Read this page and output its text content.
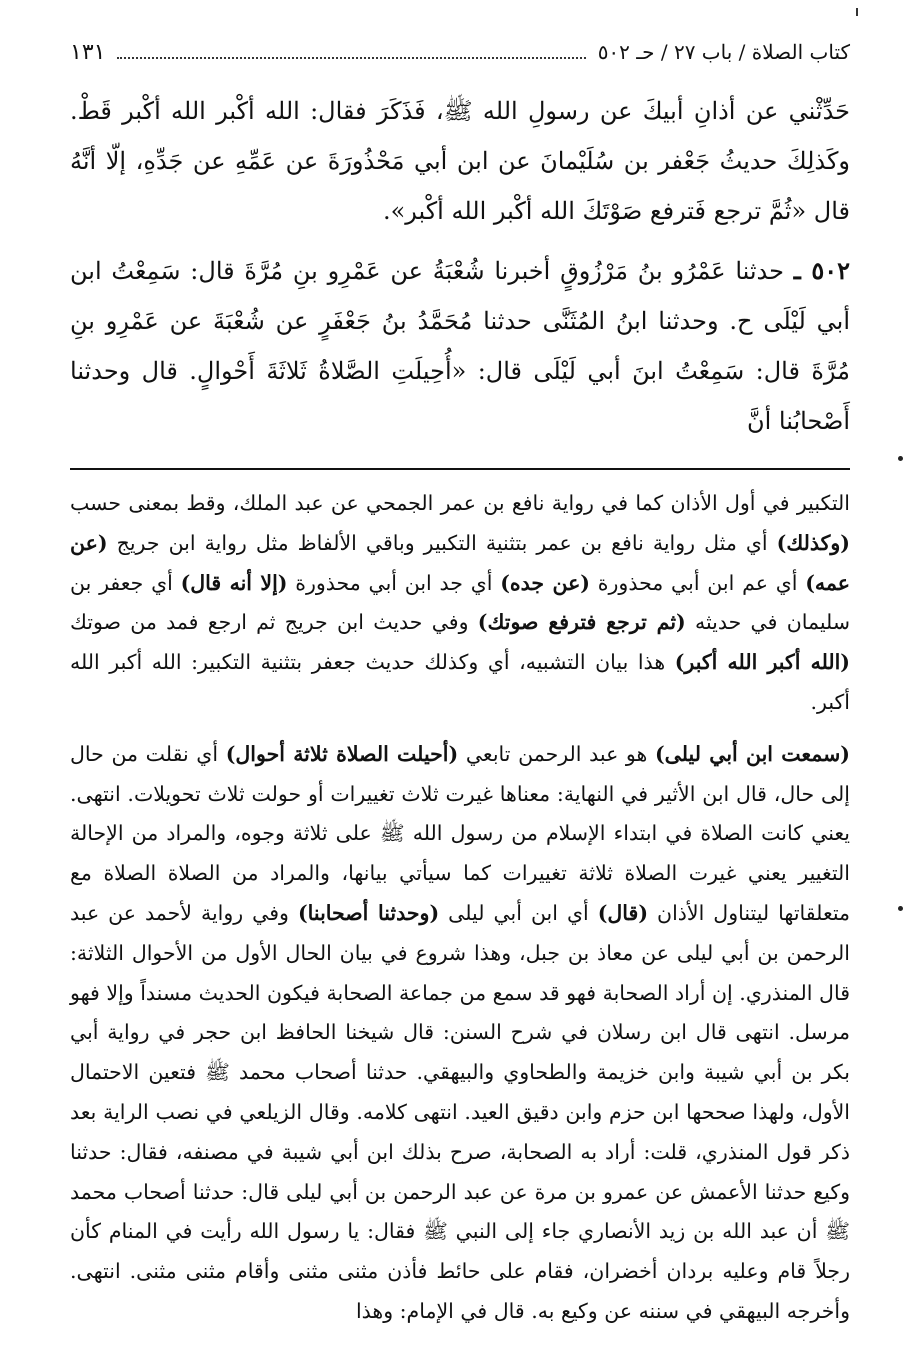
كتاب الصلاة / باب ٢٧ / حـ ٥٠٢
١٣١

حَدِّثْني عن أذانِ أبيكَ عن رسولِ الله ﷺ، فَذَكَرَ فقال: الله أكْبر الله أكْبر قَطْ. وكَذلِكَ حديثُ جَعْفر بن سُلَيْمانَ عن ابن أبي مَحْذُورَةَ عن عَمِّهِ عن جَدِّهِ، إلّا أنَّهُ قال «ثُمَّ ترجع فَترفع صَوْتَكَ الله أكْبر الله أكْبر».

٥٠٢ ـ حدثنا عَمْرُو بنُ مَرْزُوقٍ أخبرنا شُعْبَةُ عن عَمْرِو بنِ مُرَّةَ قال: سَمِعْتُ ابن أبي لَيْلَى ح. وحدثنا ابنُ المُثَنَّى حدثنا مُحَمَّدُ بنُ جَعْفَرٍ عن شُعْبَةَ عن عَمْرِو بنِ مُرَّةَ قال: سَمِعْتُ ابنَ أبي لَيْلَى قال: «أُحِيلَتِ الصَّلاةُ ثَلاثَةَ أَحْوالٍ. قال وحدثنا أَصْحابُنا أنَّ

التكبير في أول الأذان كما في رواية نافع بن عمر الجمحي عن عبد الملك، وقط بمعنى حسب (وكذلك) أي مثل رواية نافع بن عمر بتثنية التكبير وباقي الألفاظ مثل رواية ابن جريج (عن عمه) أي عم ابن أبي محذورة (عن جده) أي جد ابن أبي محذورة (إلا أنه قال) أي جعفر بن سليمان في حديثه (ثم ترجع فترفع صوتك) وفي حديث ابن جريج ثم ارجع فمد من صوتك (الله أكبر الله أكبر) هذا بيان التشبيه، أي وكذلك حديث جعفر بتثنية التكبير: الله أكبر الله أكبر.

(سمعت ابن أبي ليلى) هو عبد الرحمن تابعي (أحيلت الصلاة ثلاثة أحوال) أي نقلت من حال إلى حال، قال ابن الأثير في النهاية: معناها غيرت ثلاث تغييرات أو حولت ثلاث تحويلات. انتهى. يعني كانت الصلاة في ابتداء الإسلام من رسول الله ﷺ على ثلاثة وجوه، والمراد من الإحالة التغيير يعني غيرت الصلاة ثلاثة تغييرات كما سيأتي بيانها، والمراد من الصلاة الصلاة مع متعلقاتها ليتناول الأذان (قال) أي ابن أبي ليلى (وحدثنا أصحابنا) وفي رواية لأحمد عن عبد الرحمن بن أبي ليلى عن معاذ بن جبل، وهذا شروع في بيان الحال الأول من الأحوال الثلاثة: قال المنذري. إن أراد الصحابة فهو قد سمع من جماعة الصحابة فيكون الحديث مسنداً وإلا فهو مرسل. انتهى قال ابن رسلان في شرح السنن: قال شيخنا الحافظ ابن حجر في رواية أبي بكر بن أبي شيبة وابن خزيمة والطحاوي والبيهقي. حدثنا أصحاب محمد ﷺ فتعين الاحتمال الأول، ولهذا صححها ابن حزم وابن دقيق العيد. انتهى كلامه. وقال الزيلعي في نصب الراية بعد ذكر قول المنذري، قلت: أراد به الصحابة، صرح بذلك ابن أبي شيبة في مصنفه، فقال: حدثنا وكيع حدثنا الأعمش عن عمرو بن مرة عن عبد الرحمن بن أبي ليلى قال: حدثنا أصحاب محمد ﷺ أن عبد الله بن زيد الأنصاري جاء إلى النبي ﷺ فقال: يا رسول الله رأيت في المنام كأن رجلاً قام وعليه بردان أخضران، فقام على حائط فأذن مثنى مثنى وأقام مثنى مثنى. انتهى. وأخرجه البيهقي في سننه عن وكيع به. قال في الإمام: وهذا
